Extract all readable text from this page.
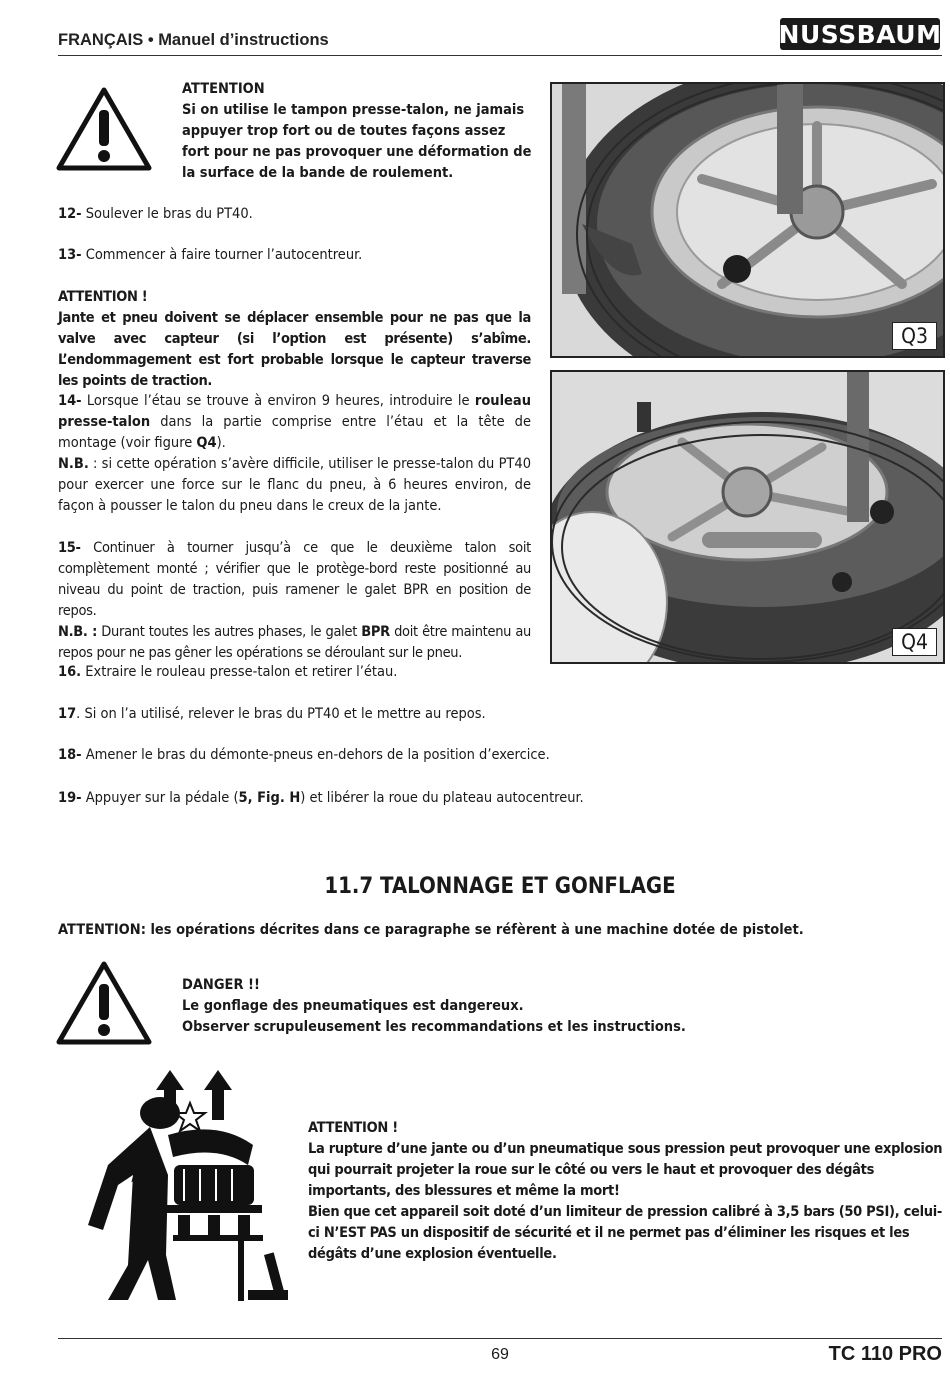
FRANÇAIS • Manuel d’instructions	NUSSBAUM

ATTENTION

Si on utilise le tampon presse-talon, ne jamais appuyer trop fort ou de toutes façons assez fort pour ne pas provoquer une déformation de la surface de la bande de roulement.

12- Soulever le bras du PT40.
13- Commencer à faire tourner l’autocentreur.

ATTENTION !

Jante et pneu doivent se déplacer ensemble pour ne pas que la valve avec capteur (si l’option est présente) s’abîme. L’endommagement est fort probable lorsque le capteur traverse les points de traction.

14- Lorsque l’étau se trouve à environ 9 heures, introduire le rouleau presse-talon dans la partie comprise entre l’étau et la tête de montage (voir figure Q4).

N.B. : si cette opération s’avère difficile, utiliser le presse-talon du PT40 pour exercer une force sur le flanc du pneu, à 6 heures environ, de façon à pousser le talon du pneu dans le creux de la jante.

15- Continuer à tourner jusqu’à ce que le deuxième talon soit complètement monté ; vérifier que le protège-bord reste positionné au niveau du point de traction, puis ramener le galet BPR en position de repos.

N.B. : Durant toutes les autres phases, le galet BPR doit être maintenu au repos pour ne pas gêner les opérations se déroulant sur le pneu.

16. Extraire le rouleau presse-talon et retirer l’étau.
17. Si on l’a utilisé, relever le bras du PT40 et le mettre au repos.
18- Amener le bras du démonte-pneus en-dehors de la position d’exercice.
19- Appuyer sur la pédale (5, Fig. H) et libérer la roue du plateau autocentreur.
Q3
Q4
11.7 TALONNAGE ET GONFLAGE
ATTENTION: les opérations décrites dans ce paragraphe se réfèrent à une machine dotée de pistolet.

DANGER !!

Le gonflage des pneumatiques est dangereux.

Observer scrupuleusement les recommandations et les instructions.

ATTENTION !

La rupture d’une jante ou d’un pneumatique sous pression peut provoquer une explosion qui pourrait projeter la roue sur le côté ou vers le haut et provoquer des dégâts importants, des blessures et même la mort!

Bien que cet appareil soit doté d’un limiteur de pression calibré à 3,5 bars (50 PSI), celui-ci N’EST PAS un dispositif de sécurité et il ne permet pas d’éliminer les risques et les dégâts d’une explosion éventuelle.

69	TC 110 PRO
